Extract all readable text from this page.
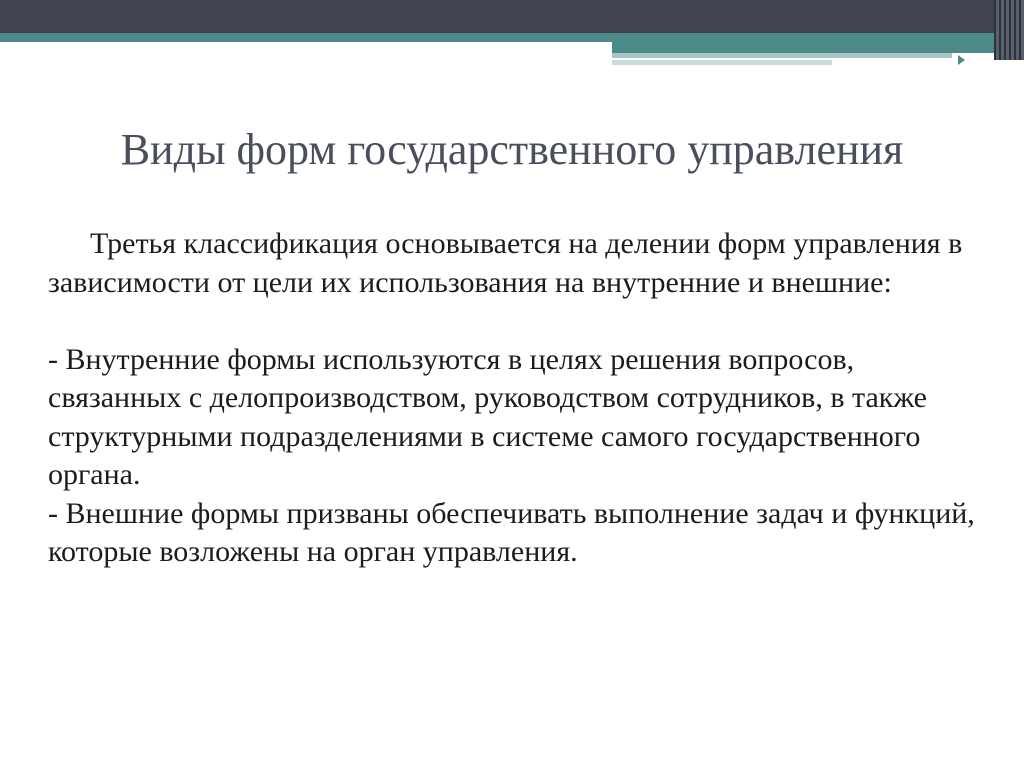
Виды форм государственного управления

Третья классификация основывается на делении форм управления в зависимости от цели их использования на внутренние и внешние:

- Внутренние формы используются в целях решения вопросов, связанных с делопроизводством, руководством сотрудников, в также структурными подразделениями в системе самого государственного органа.

- Внешние формы призваны обеспечивать выполнение задач и функций, которые возложены на орган управления.
